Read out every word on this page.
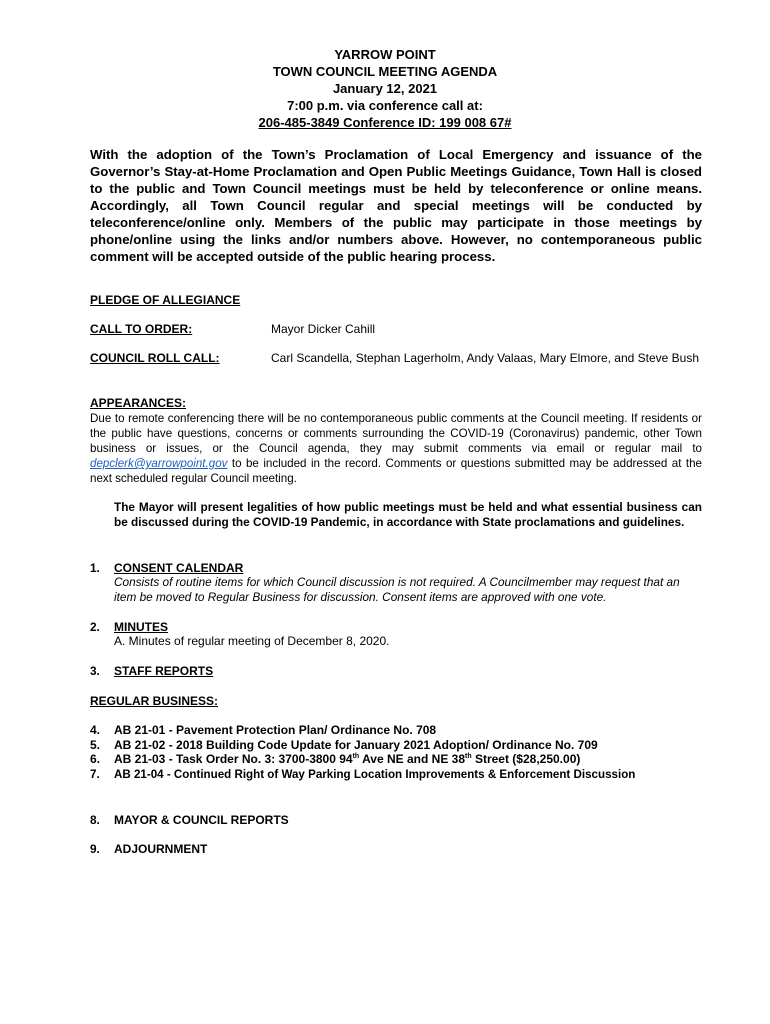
YARROW POINT
TOWN COUNCIL MEETING AGENDA
January 12, 2021
7:00 p.m. via conference call at:
206-485-3849 Conference ID: 199 008 67#
With the adoption of the Town’s Proclamation of Local Emergency and issuance of the Governor’s Stay-at-Home Proclamation and Open Public Meetings Guidance, Town Hall is closed to the public and Town Council meetings must be held by teleconference or online means. Accordingly, all Town Council regular and special meetings will be conducted by teleconference/online only. Members of the public may participate in those meetings by phone/online using the links and/or numbers above. However, no contemporaneous public comment will be accepted outside of the public hearing process.
PLEDGE OF ALLEGIANCE
CALL TO ORDER:	Mayor Dicker Cahill
COUNCIL ROLL CALL:	Carl Scandella, Stephan Lagerholm, Andy Valaas, Mary Elmore, and Steve Bush
APPEARANCES:
Due to remote conferencing there will be no contemporaneous public comments at the Council meeting. If residents or the public have questions, concerns or comments surrounding the COVID-19 (Coronavirus) pandemic, other Town business or issues, or the Council agenda, they may submit comments via email or regular mail to depclerk@yarrowpoint.gov to be included in the record. Comments or questions submitted may be addressed at the next scheduled regular Council meeting.
The Mayor will present legalities of how public meetings must be held and what essential business can be discussed during the COVID-19 Pandemic, in accordance with State proclamations and guidelines.
1. CONSENT CALENDAR
Consists of routine items for which Council discussion is not required. A Councilmember may request that an item be moved to Regular Business for discussion. Consent items are approved with one vote.
2. MINUTES
A. Minutes of regular meeting of December 8, 2020.
3. STAFF REPORTS
REGULAR BUSINESS:
4. AB 21-01 - Pavement Protection Plan/ Ordinance No. 708
5. AB 21-02 - 2018 Building Code Update for January 2021 Adoption/ Ordinance No. 709
6. AB 21-03 - Task Order No. 3: 3700-3800 94th Ave NE and NE 38th Street ($28,250.00)
7. AB 21-04 - Continued Right of Way Parking Location Improvements & Enforcement Discussion
8. MAYOR & COUNCIL REPORTS
9. ADJOURNMENT
